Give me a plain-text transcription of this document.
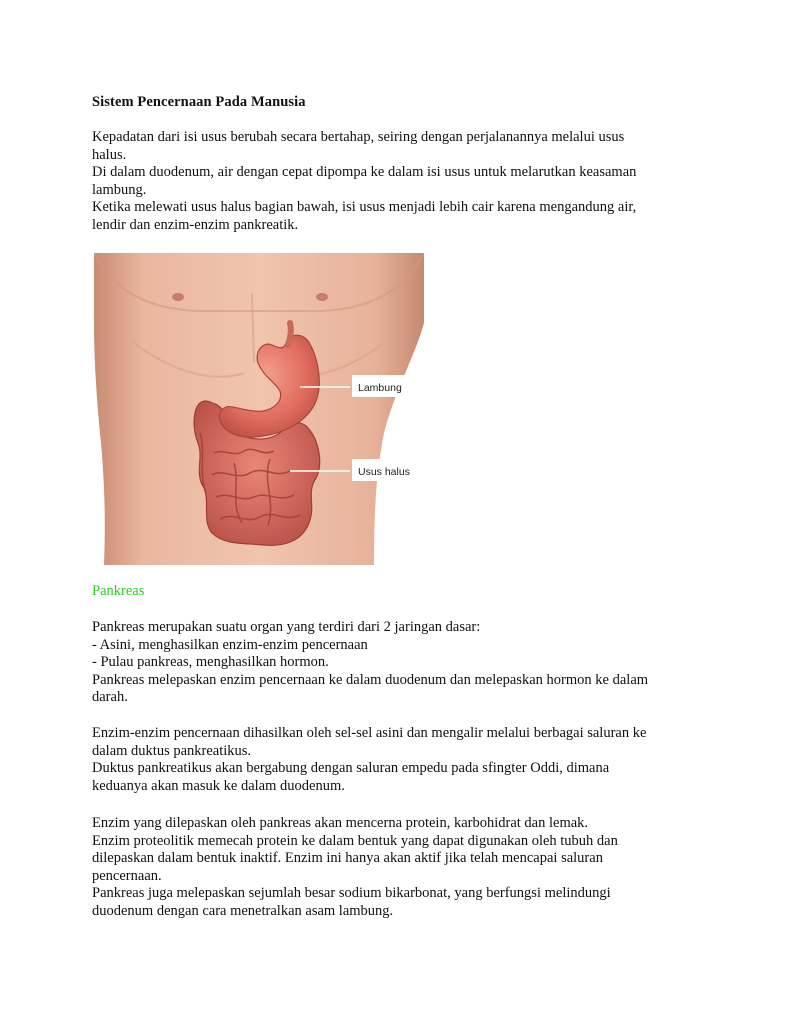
Sistem Pencernaan Pada Manusia

Kepadatan dari isi usus berubah secara bertahap, seiring dengan perjalanannya melalui usus

halus.

Di dalam duodenum, air dengan cepat dipompa ke dalam isi usus untuk melarutkan keasaman

lambung.

Ketika melewati usus halus bagian bawah, isi usus menjadi lebih cair karena mengandung air,

lendir dan enzim-enzim pankreatik.

Lambung
Usus halus
Pankreas

Pankreas merupakan suatu organ yang terdiri dari 2 jaringan dasar:

- Asini, menghasilkan enzim-enzim pencernaan

- Pulau pankreas, menghasilkan hormon.

Pankreas melepaskan enzim pencernaan ke dalam duodenum dan melepaskan hormon ke dalam

darah.

Enzim-enzim pencernaan dihasilkan oleh sel-sel asini dan mengalir melalui berbagai saluran ke

dalam duktus pankreatikus.

Duktus pankreatikus akan bergabung dengan saluran empedu pada sfingter Oddi, dimana

keduanya akan masuk ke dalam duodenum.

Enzim yang dilepaskan oleh pankreas akan mencerna protein, karbohidrat dan lemak.

Enzim proteolitik memecah protein ke dalam bentuk yang dapat digunakan oleh tubuh dan

dilepaskan dalam bentuk inaktif. Enzim ini hanya akan aktif jika telah mencapai saluran

pencernaan.

Pankreas juga melepaskan sejumlah besar sodium bikarbonat, yang berfungsi melindungi

duodenum dengan cara menetralkan asam lambung.
